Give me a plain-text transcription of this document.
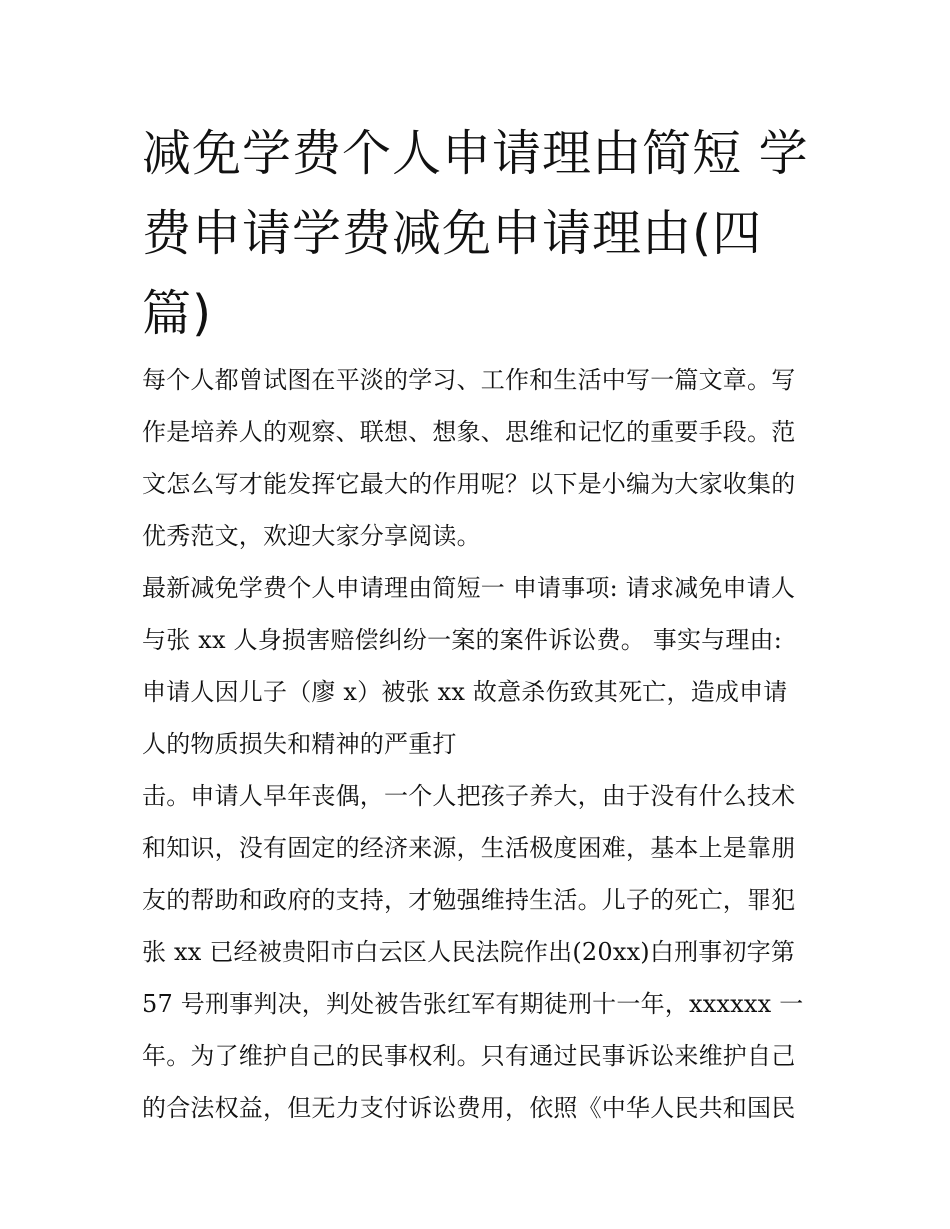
减免学费个人申请理由简短 学
费申请学费减免申请理由(四
篇)
每个人都曾试图在平淡的学习、工作和生活中写一篇文章。写
作是培养人的观察、联想、想象、思维和记忆的重要手段。范
文怎么写才能发挥它最大的作用呢？以下是小编为大家收集的
优秀范文，欢迎大家分享阅读。
最新减免学费个人申请理由简短一 申请事项: 请求减免申请人
与张 xx 人身损害赔偿纠纷一案的案件诉讼费。 事实与理由:
申请人因儿子（廖 x）被张 xx 故意杀伤致其死亡，造成申请
人的物质损失和精神的严重打
击。申请人早年丧偶，一个人把孩子养大，由于没有什么技术
和知识，没有固定的经济来源，生活极度困难，基本上是靠朋
友的帮助和政府的支持，才勉强维持生活。儿子的死亡，罪犯
张 xx 已经被贵阳市白云区人民法院作出(20xx)白刑事初字第
57 号刑事判决，判处被告张红军有期徒刑十一年，xxxxxx 一
年。为了维护自己的民事权利。只有通过民事诉讼来维护自己
的合法权益，但无力支付诉讼费用，依照《中华人民共和国民
